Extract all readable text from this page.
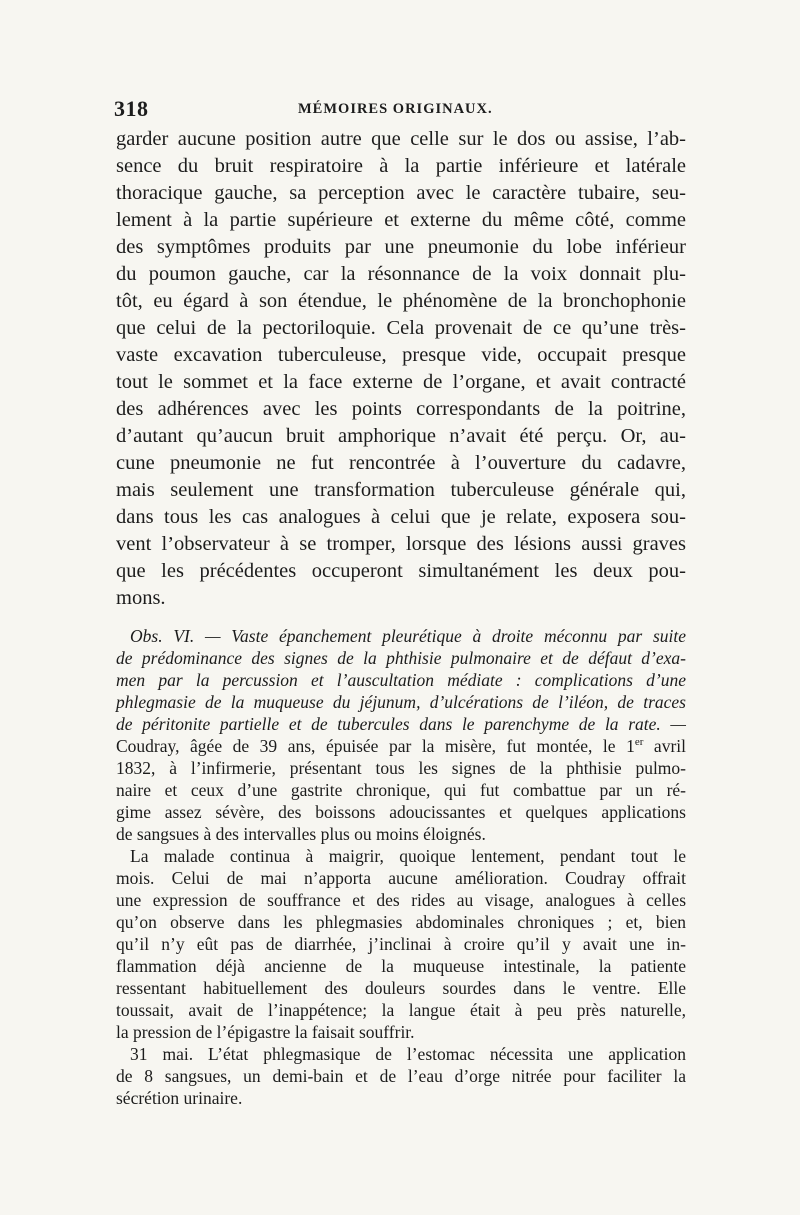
318	MÉMOIRES ORIGINAUX.
garder aucune position autre que celle sur le dos ou assise, l’ab-
sence du bruit respiratoire à la partie inférieure et latérale
thoracique gauche, sa perception avec le caractère tubaire, seu-
lement à la partie supérieure et externe du même côté, comme
des symptômes produits par une pneumonie du lobe inférieur
du poumon gauche, car la résonnance de la voix donnait plu-
tôt, eu égard à son étendue, le phénomène de la bronchophonie
que celui de la pectoriloquie. Cela provenait de ce qu’une très-
vaste excavation tuberculeuse, presque vide, occupait presque
tout le sommet et la face externe de l’organe, et avait contracté
des adhérences avec les points correspondants de la poitrine,
d’autant qu’aucun bruit amphorique n’avait été perçu. Or, au-
cune pneumonie ne fut rencontrée à l’ouverture du cadavre,
mais seulement une transformation tuberculeuse générale qui,
dans tous les cas analogues à celui que je relate, exposera sou-
vent l’observateur à se tromper, lorsque des lésions aussi graves
que les précédentes occuperont simultanément les deux pou-
mons.
Obs. VI. — Vaste épanchement pleurétique à droite méconnu par suite
de prédominance des signes de la phthisie pulmonaire et de défaut d’exa-
men par la percussion et l’auscultation médiate : complications d’une
phlegmasie de la muqueuse du jéjunum, d’ulcérations de l’iléon, de traces
de péritonite partielle et de tubercules dans le parenchyme de la rate. —
Coudray, âgée de 39 ans, épuisée par la misère, fut montée, le 1er avril
1832, à l’infirmerie, présentant tous les signes de la phthisie pulmo-
naire et ceux d’une gastrite chronique, qui fut combattue par un ré-
gime assez sévère, des boissons adoucissantes et quelques applications
de sangsues à des intervalles plus ou moins éloignés.
La malade continua à maigrir, quoique lentement, pendant tout le
mois. Celui de mai n’apporta aucune amélioration. Coudray offrait
une expression de souffrance et des rides au visage, analogues à celles
qu’on observe dans les phlegmasies abdominales chroniques ; et, bien
qu’il n’y eût pas de diarrhée, j’inclinai à croire qu’il y avait une in-
flammation déjà ancienne de la muqueuse intestinale, la patiente
ressentant habituellement des douleurs sourdes dans le ventre. Elle
toussait, avait de l’inappétence; la langue était à peu près naturelle,
la pression de l’épigastre la faisait souffrir.
31 mai. L’état phlegmasique de l’estomac nécessita une application
de 8 sangsues, un demi-bain et de l’eau d’orge nitrée pour faciliter la
sécrétion urinaire.
